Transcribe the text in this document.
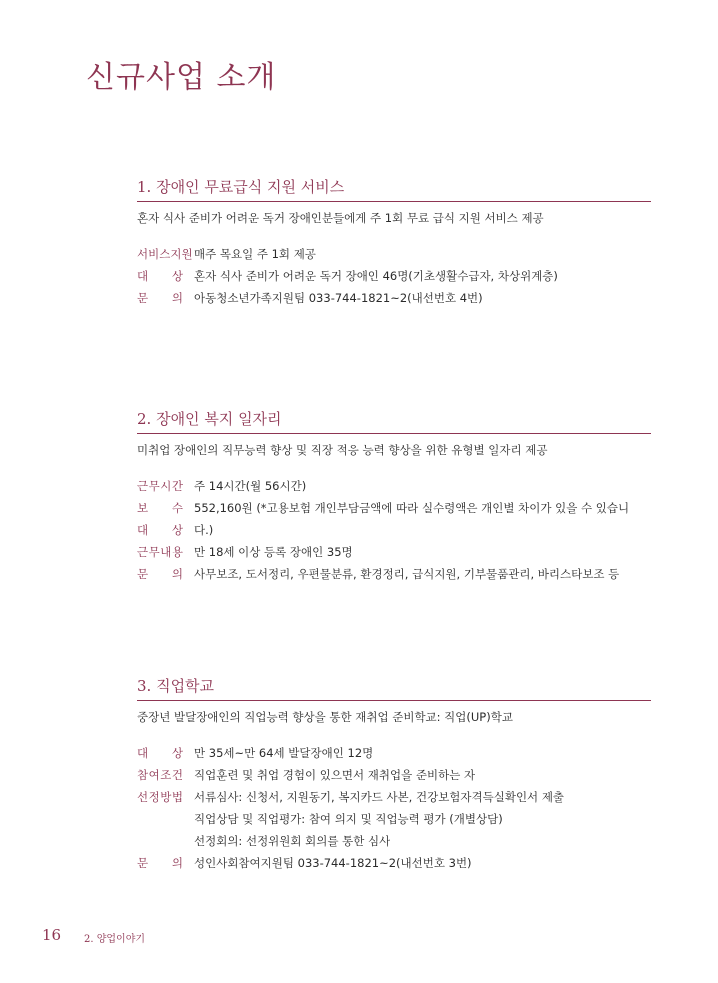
신규사업 소개
1. 장애인 무료급식 지원 서비스
혼자 식사 준비가 어려운 독거 장애인분들에게 주 1회 무료 급식 지원 서비스 제공
서 비 스 지 원 매주 목요일 주 1회 제공
대 상 혼자 식사 준비가 어려운 독거 장애인 46명(기초생활수급자, 차상위계층)
문 의 아동청소년가족지원팀 033-744-1821~2(내선번호 4번)
2. 장애인 복지 일자리
미취업 장애인의 직무능력 향상 및 직장 적응 능력 향상을 위한 유형별 일자리 제공
근 무 시 간 주 14시간(월 56시간)
보 수 552,160원 (*고용보험 개인부담금액에 따라 실수령액은 개인별 차이가 있을 수 있습니
대 상 다.)
근 무 내 용 만 18세 이상 등록 장애인 35명
문 의 사무보조, 도서정리, 우편물분류, 환경정리, 급식지원, 기부물품관리, 바리스타보조 등
3. 직업학교
중장년 발달장애인의 직업능력 향상을 통한 재취업 준비학교: 직업(UP)학교
대 상 만 35세~만 64세 발달장애인 12명
참 여 조 건 직업훈련 및 취업 경험이 있으면서 재취업을 준비하는 자
선 정 방 법 서류심사: 신청서, 지원동기, 복지카드 사본, 건강보험자격득실확인서 제출
직업상담 및 직업평가: 참여 의지 및 직업능력 평가 (개별상담)
선정회의: 선정위원회 회의를 통한 심사
문 의 성인사회참여지원팀 033-744-1821~2(내선번호 3번)
16 2. 양업이야기
